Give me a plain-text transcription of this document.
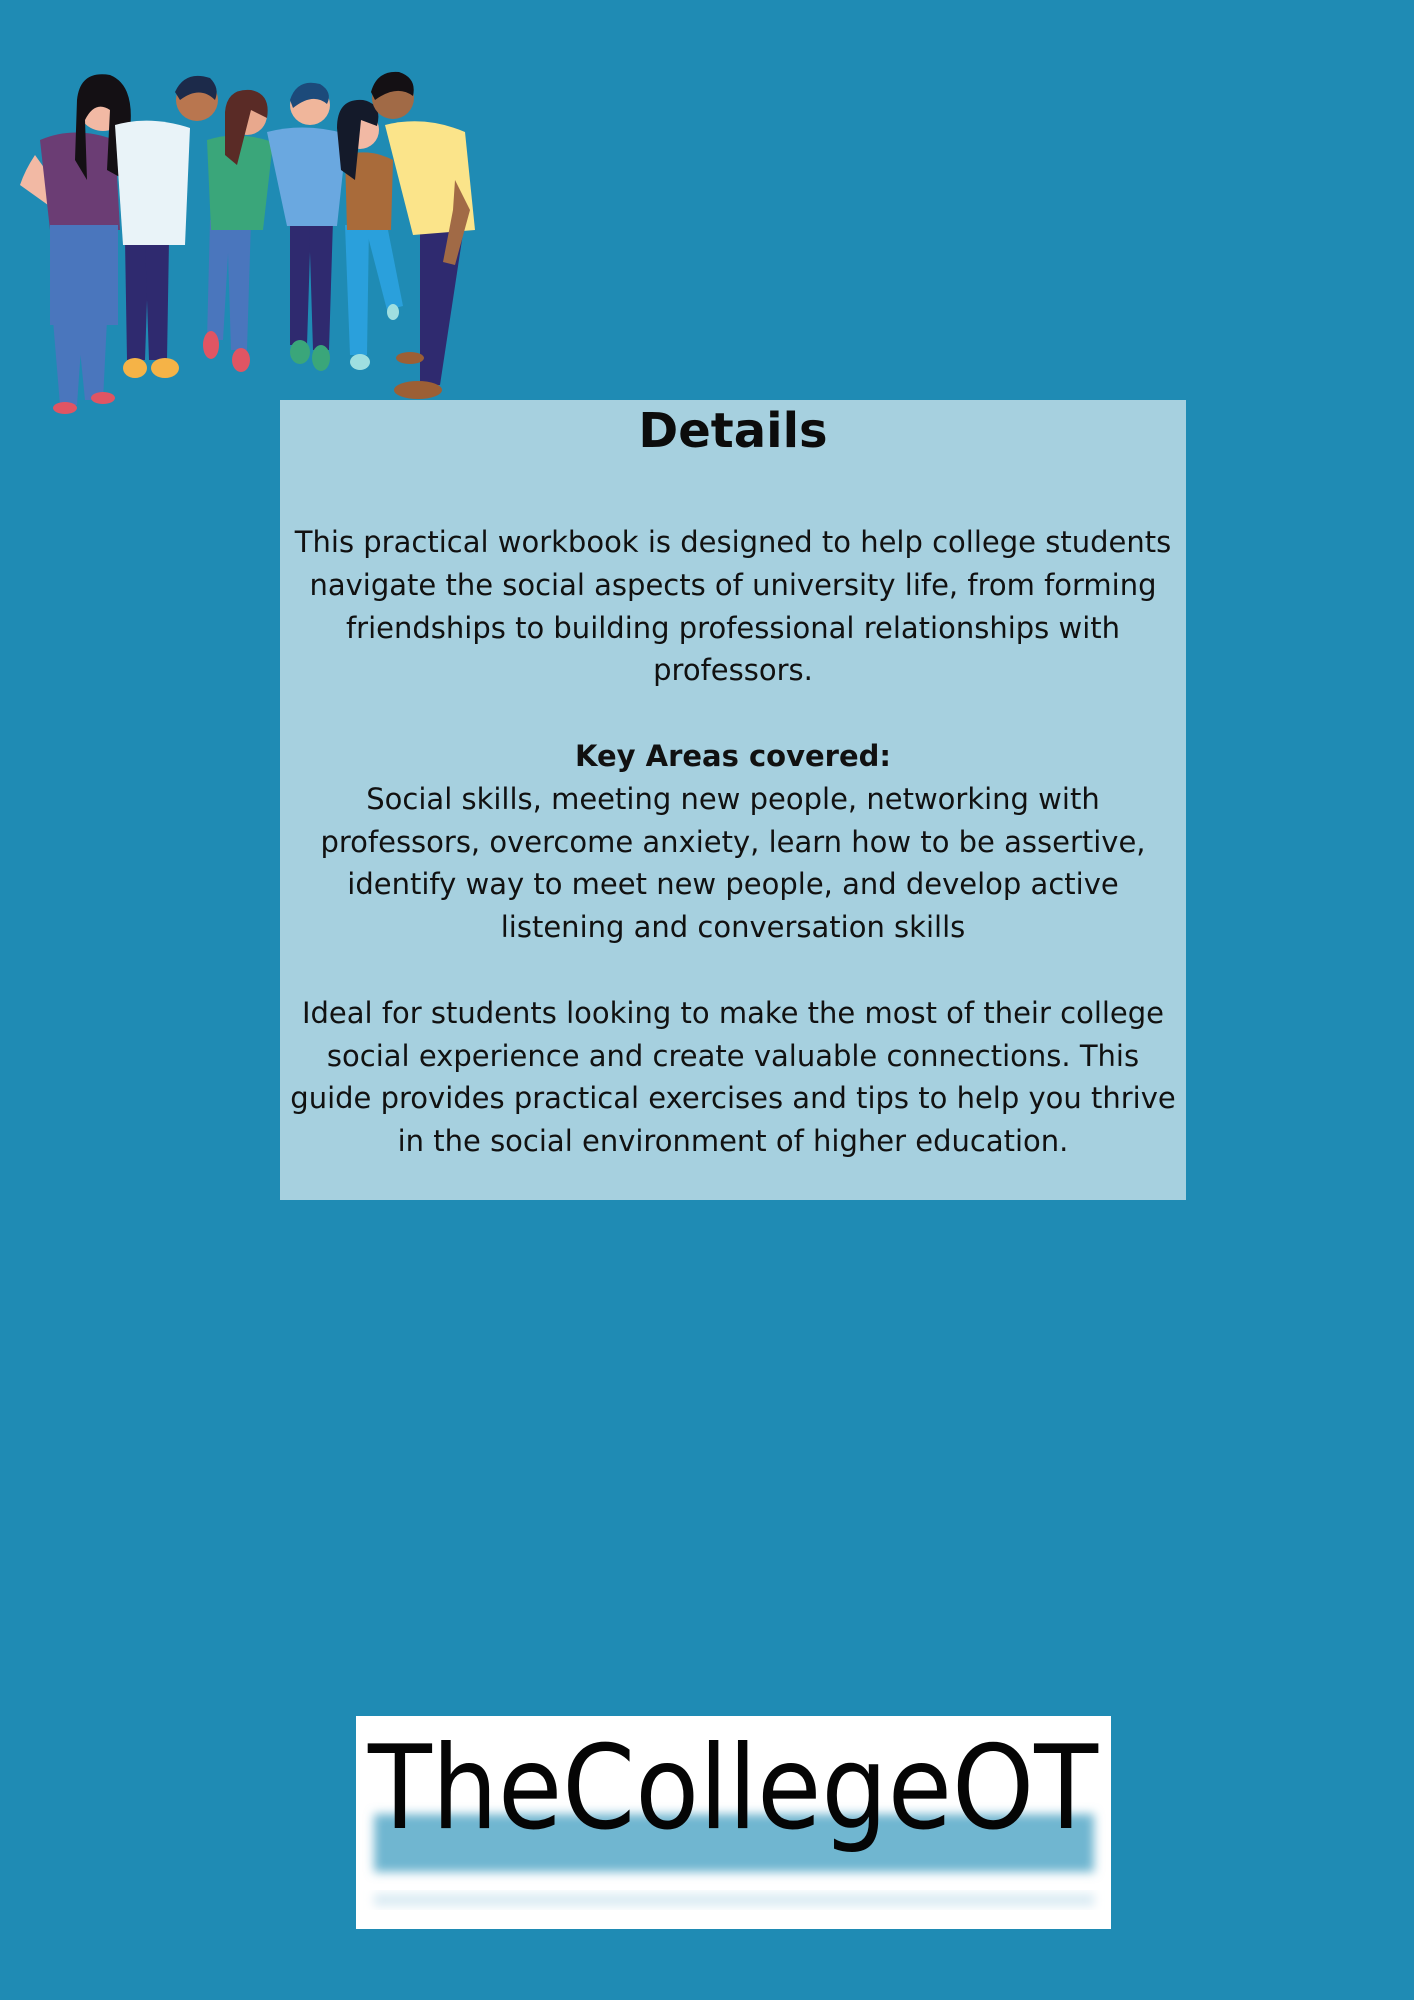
Details

This practical workbook is designed to help college students navigate the social aspects of university life, from forming friendships to building professional relationships with professors.

Key Areas covered:

Social skills, meeting new people, networking with professors, overcome anxiety, learn how to be assertive,

identify way to meet new people, and develop active listening and conversation skills

Ideal for students looking to make the most of their college social experience and create valuable connections. This guide provides practical exercises and tips to help you thrive in the social environment of higher education.

TheCollegeOT
